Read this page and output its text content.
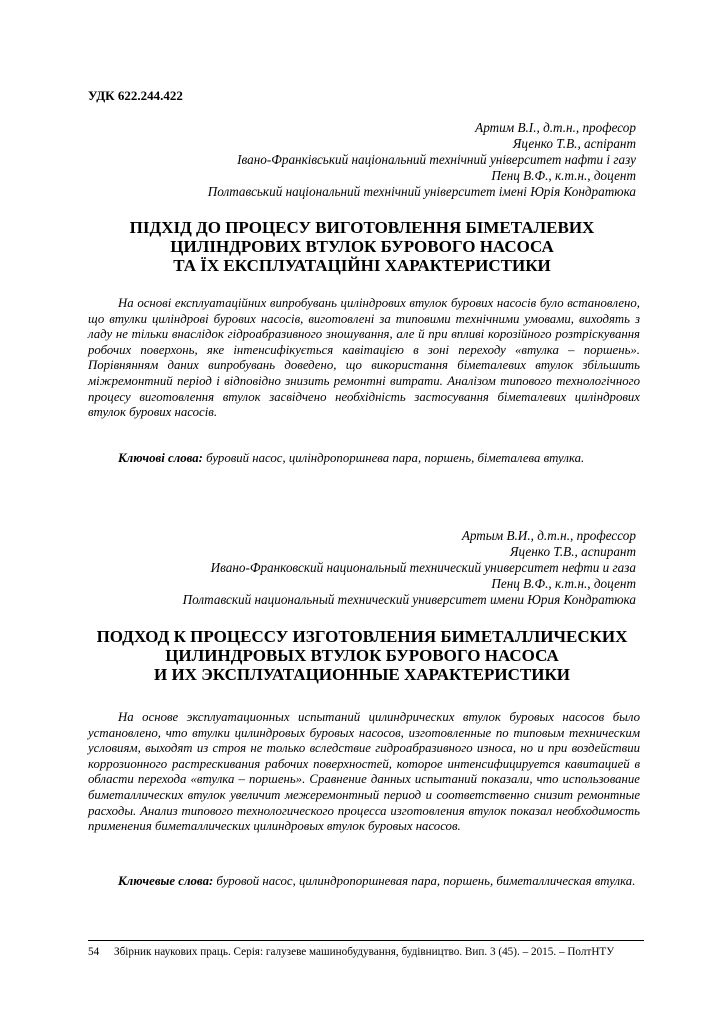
УДК 622.244.422
Артим В.І., д.т.н., професор
Яценко Т.В., аспірант
Івано-Франківський національний технічний університет нафти і газу
Пенц В.Ф., к.т.н., доцент
Полтавський національний технічний університет імені Юрія Кондратюка
ПІДХІД ДО ПРОЦЕСУ ВИГОТОВЛЕННЯ БІМЕТАЛЕВИХ
ЦИЛІНДРОВИХ ВТУЛОК БУРОВОГО НАСОСА
ТА ЇХ ЕКСПЛУАТАЦІЙНІ ХАРАКТЕРИСТИКИ

На основі експлуатаційних випробувань циліндрових втулок бурових насосів було встановлено, що втулки циліндрові бурових насосів, виготовлені за типовими технічними умовами, виходять з ладу не тільки внаслідок гідроабразивного зношування, але й при впливі корозійного розтріскування робочих поверхонь, яке інтенсифікується кавітацією в зоні переходу «втулка – поршень». Порівнянням даних випробувань доведено, що використання біметалевих втулок збільшить міжремонтний період і відповідно знизить ремонтні витрати. Аналізом типового технологічного процесу виготовлення втулок засвідчено необхідність застосування біметалевих циліндрових втулок бурових насосів.

Ключові слова: буровий насос, циліндропоршнева пара, поршень, біметалева втулка.

Артым В.И., д.т.н., профессор
Яценко Т.В., аспирант
Ивано-Франковский национальный технический университет нефти и газа
Пенц В.Ф., к.т.н., доцент
Полтавский национальный технический университет имени Юрия Кондратюка
ПОДХОД К ПРОЦЕССУ ИЗГОТОВЛЕНИЯ БИМЕТАЛЛИЧЕСКИХ
ЦИЛИНДРОВЫХ ВТУЛОК БУРОВОГО НАСОСА
И ИХ ЭКСПЛУАТАЦИОННЫЕ ХАРАКТЕРИСТИКИ

На основе эксплуатационных испытаний цилиндрических втулок буровых насосов было установлено, что втулки цилиндровых буровых насосов, изготовленные по типовым техническим условиям, выходят из строя не только вследствие гидроабразивного износа, но и при воздействии коррозионного растрескивания рабочих поверхностей, которое интенсифицируется кавитацией в области перехода «втулка – поршень». Сравнение данных испытаний показали, что использование биметаллических втулок увеличит межеремонтный период и соответственно снизит ремонтные расходы. Анализ типового технологического процесса изготовления втулок показал необходимость применения биметаллических цилиндровых втулок буровых насосов.

Ключевые слова: буровой насос, цилиндропоршневая пара, поршень, биметаллическая втулка.

54 Збірник наукових праць. Серія: галузеве машинобудування, будівництво. Вип. 3 (45). – 2015. – ПолтНТУ
